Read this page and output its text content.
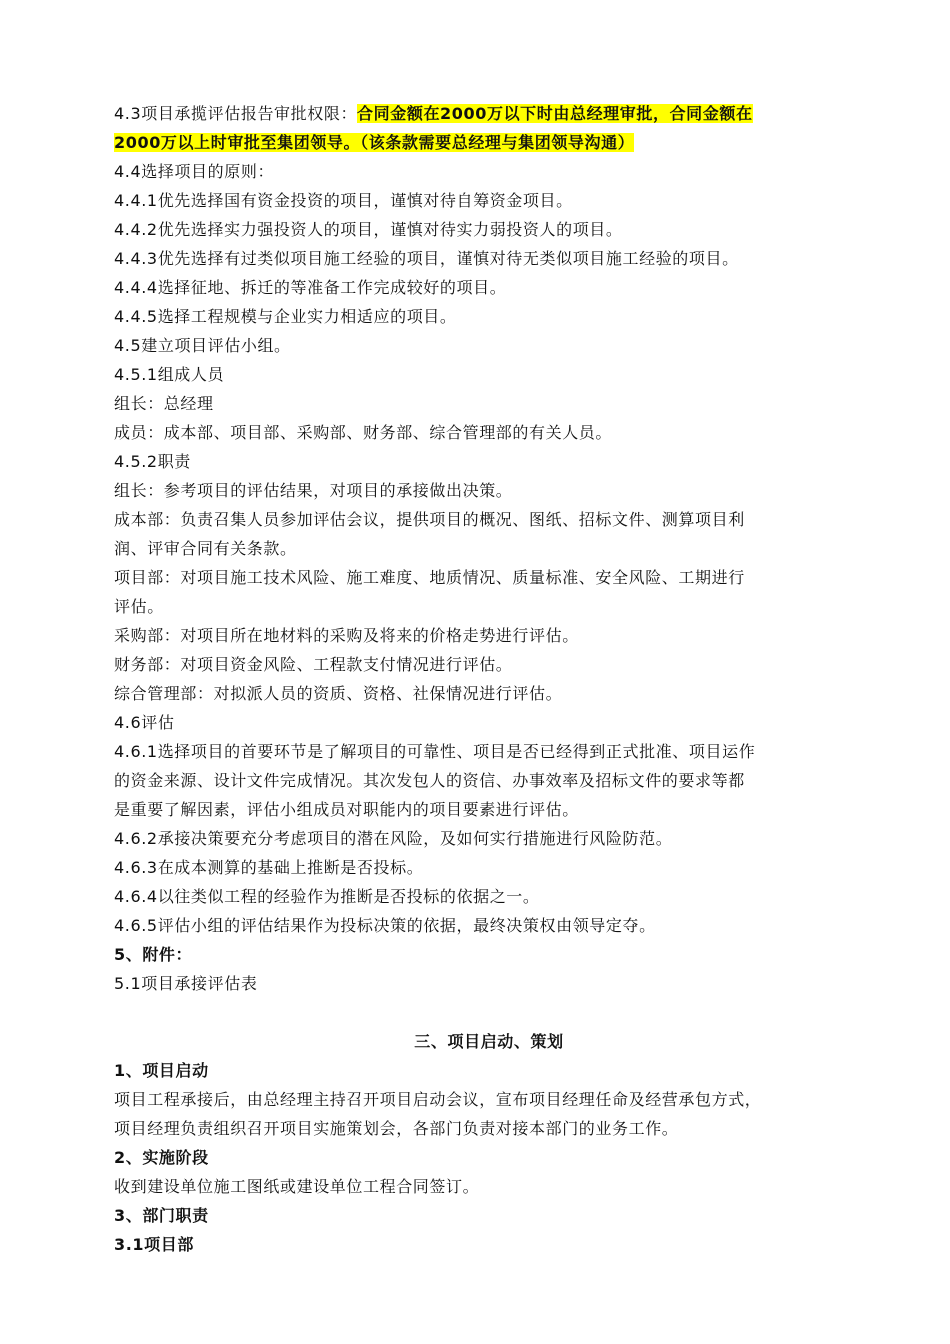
4.3项目承揽评估报告审批权限：合同金额在2000万以下时由总经理审批，合同金额在
2000万以上时审批至集团领导。（该条款需要总经理与集团领导沟通）
4.4选择项目的原则：
4.4.1优先选择国有资金投资的项目，谨慎对待自筹资金项目。
4.4.2优先选择实力强投资人的项目，谨慎对待实力弱投资人的项目。
4.4.3优先选择有过类似项目施工经验的项目，谨慎对待无类似项目施工经验的项目。
4.4.4选择征地、拆迁的等准备工作完成较好的项目。
4.4.5选择工程规模与企业实力相适应的项目。
4.5建立项目评估小组。
4.5.1组成人员
组长：总经理
成员：成本部、项目部、采购部、财务部、综合管理部的有关人员。
4.5.2职责
组长：参考项目的评估结果，对项目的承接做出决策。
成本部：负责召集人员参加评估会议，提供项目的概况、图纸、招标文件、测算项目利
润、评审合同有关条款。
项目部：对项目施工技术风险、施工难度、地质情况、质量标准、安全风险、工期进行
评估。
采购部：对项目所在地材料的采购及将来的价格走势进行评估。
财务部：对项目资金风险、工程款支付情况进行评估。
综合管理部：对拟派人员的资质、资格、社保情况进行评估。
4.6评估
4.6.1选择项目的首要环节是了解项目的可靠性、项目是否已经得到正式批准、项目运作
的资金来源、设计文件完成情况。其次发包人的资信、办事效率及招标文件的要求等都
是重要了解因素，评估小组成员对职能内的项目要素进行评估。
4.6.2承接决策要充分考虑项目的潜在风险，及如何实行措施进行风险防范。
4.6.3在成本测算的基础上推断是否投标。
4.6.4以往类似工程的经验作为推断是否投标的依据之一。
4.6.5评估小组的评估结果作为投标决策的依据，最终决策权由领导定夺。
5、附件：
5.1项目承接评估表
三、项目启动、策划
1、项目启动
项目工程承接后，由总经理主持召开项目启动会议，宣布项目经理任命及经营承包方式，
项目经理负责组织召开项目实施策划会，各部门负责对接本部门的业务工作。
2、实施阶段
收到建设单位施工图纸或建设单位工程合同签订。
3、部门职责
3.1项目部
